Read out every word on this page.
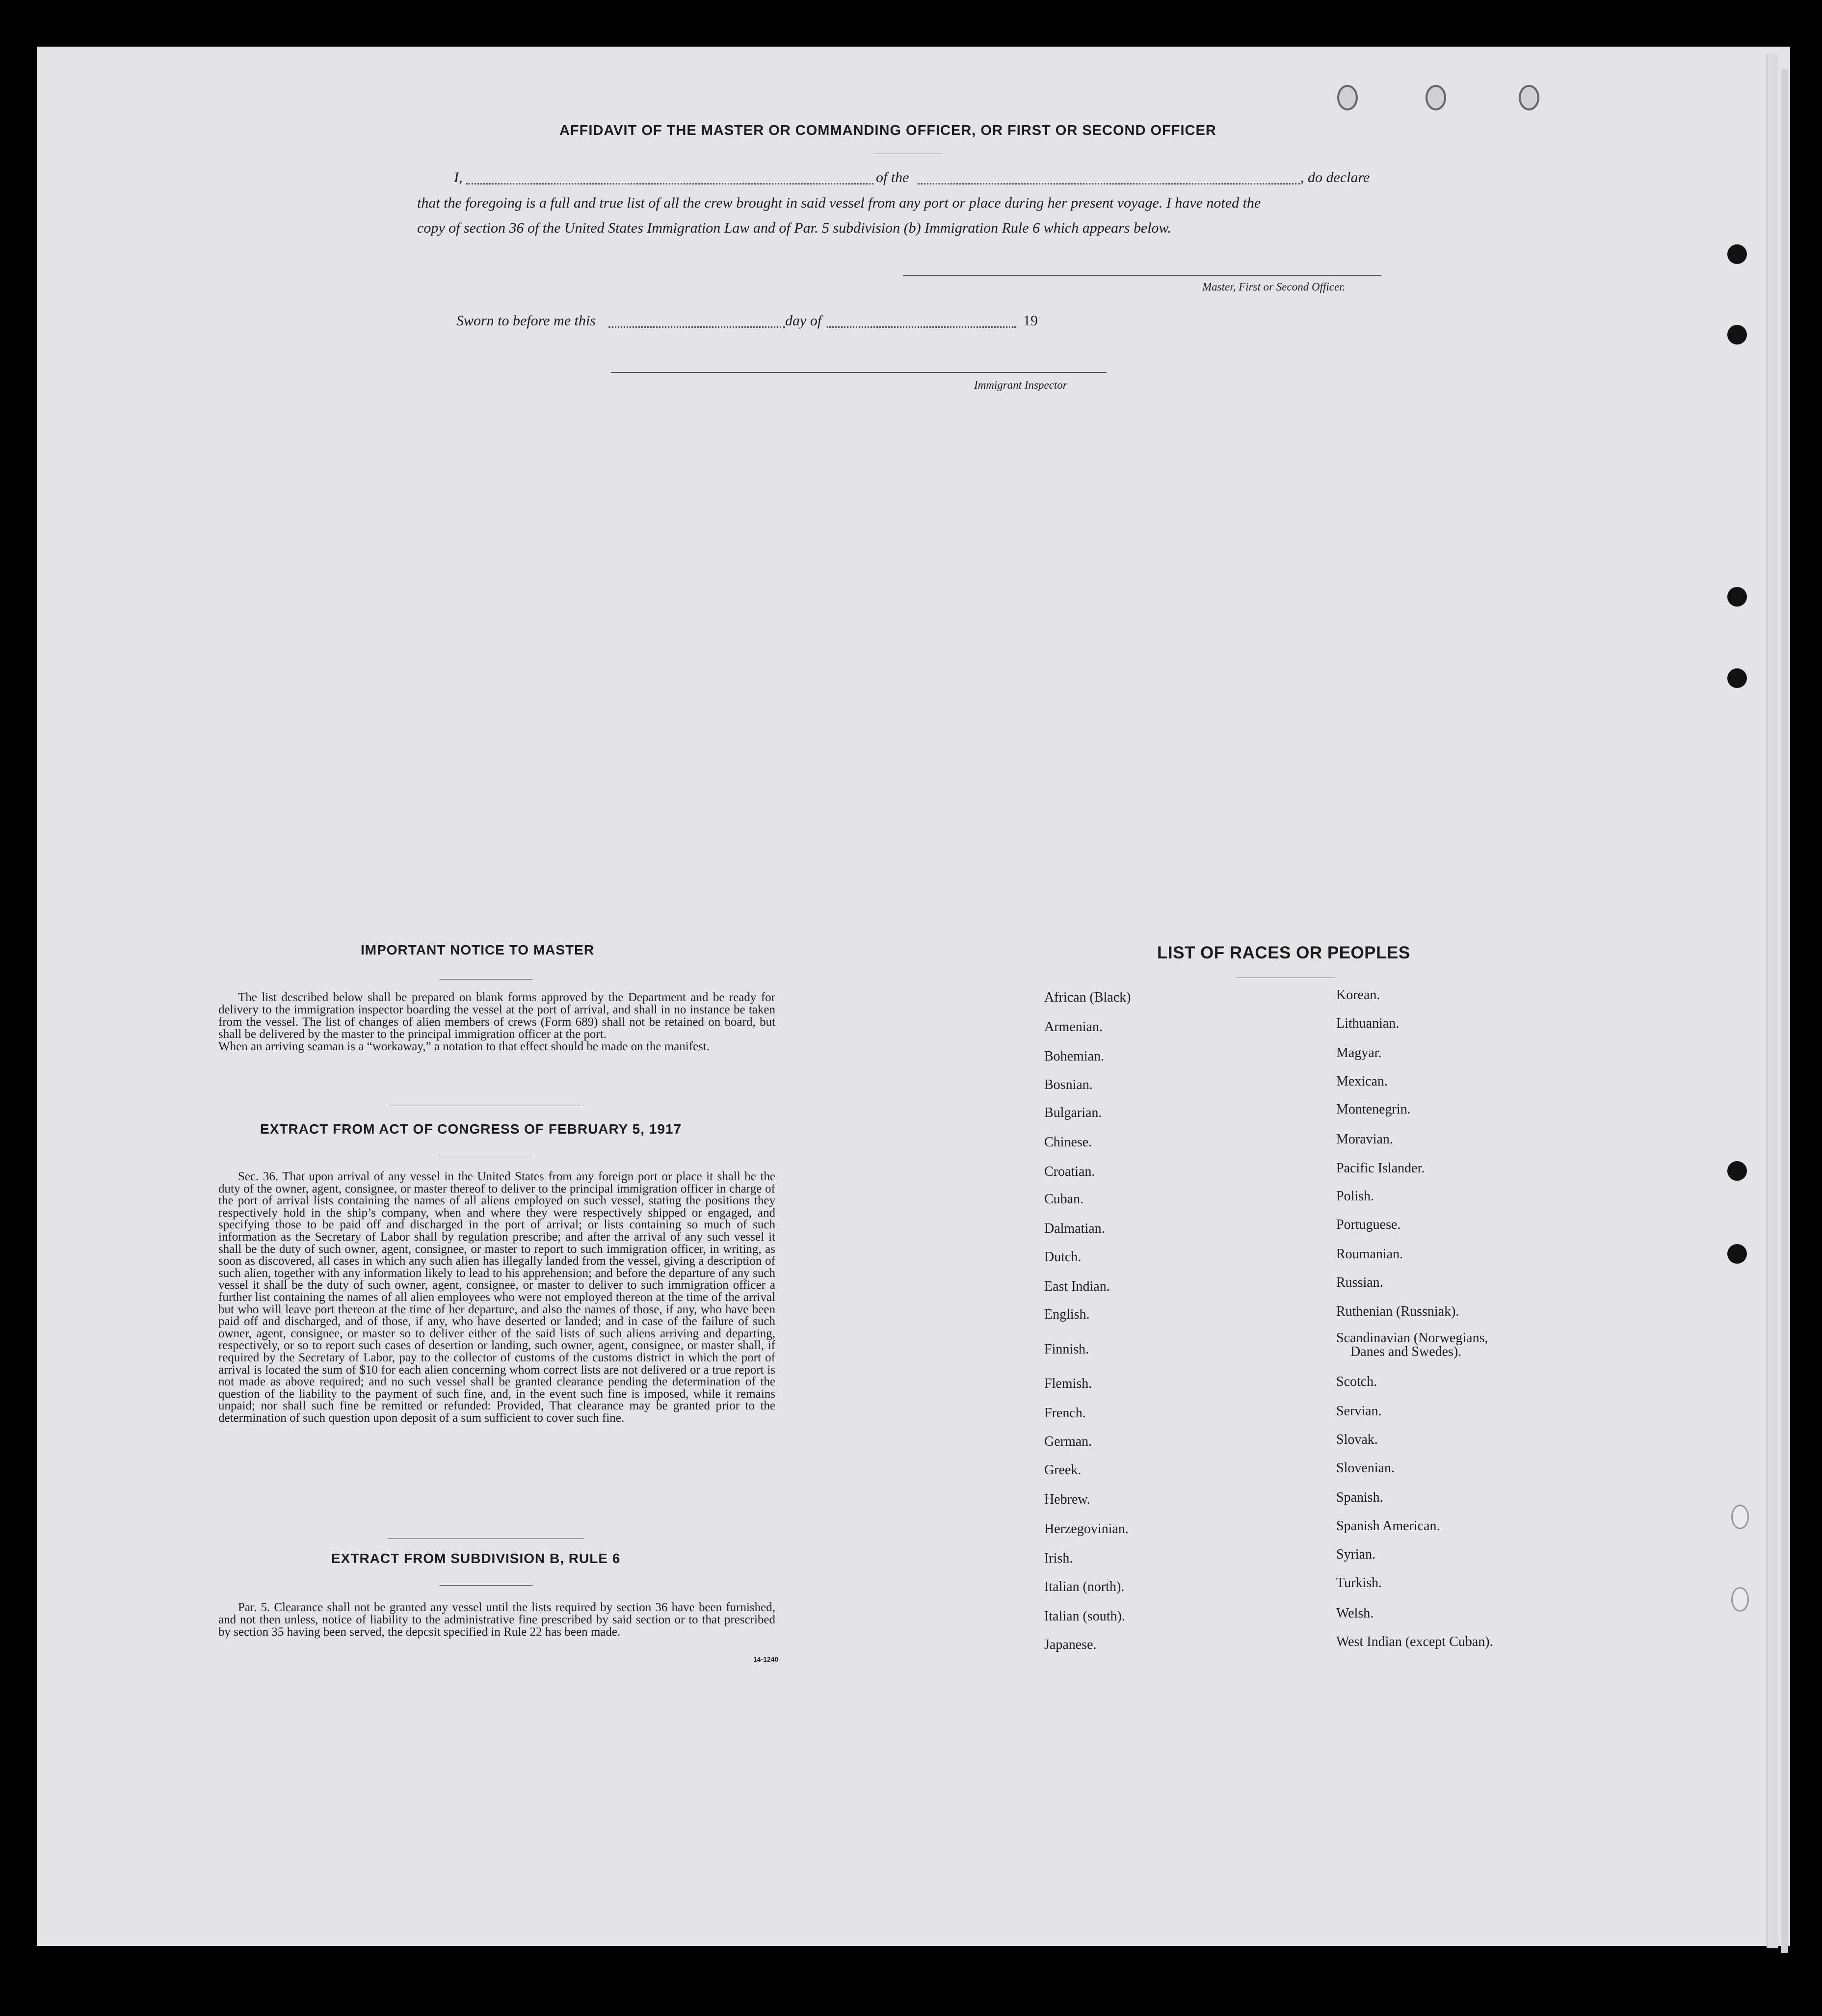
AFFIDAVIT OF THE MASTER OR COMMANDING OFFICER, OR FIRST OR SECOND OFFICER
I,	of the	, do declare
that the foregoing is a full and true list of all the crew brought in said vessel from any port or place during her present voyage. I have noted the
copy of section 36 of the United States Immigration Law and of Par. 5 subdivision (b) Immigration Rule 6 which appears below.
Master, First or Second Officer.
Sworn to before me this	day of	19
Immigrant Inspector
IMPORTANT NOTICE TO MASTER
The list described below shall be prepared on blank forms approved by the Department and be ready for delivery to the immigration inspector boarding the vessel at the port of arrival, and shall in no instance be taken from the vessel. The list of changes of alien members of crews (Form 689) shall not be retained on board, but shall be delivered by the master to the principal immigration officer at the port.
When an arriving seaman is a “workaway,” a notation to that effect should be made on the manifest.
EXTRACT FROM ACT OF CONGRESS OF FEBRUARY 5, 1917
Sec. 36. That upon arrival of any vessel in the United States from any foreign port or place it shall be the duty of the owner, agent, consignee, or master thereof to deliver to the principal immigration officer in charge of the port of arrival lists containing the names of all aliens employed on such vessel, stating the positions they respectively hold in the ship’s company, when and where they were respectively shipped or engaged, and specifying those to be paid off and discharged in the port of arrival; or lists containing so much of such information as the Secretary of Labor shall by regulation prescribe; and after the arrival of any such vessel it shall be the duty of such owner, agent, consignee, or master to report to such immigration officer, in writing, as soon as discovered, all cases in which any such alien has illegally landed from the vessel, giving a description of such alien, together with any information likely to lead to his apprehension; and before the departure of any such vessel it shall be the duty of such owner, agent, consignee, or master to deliver to such immigration officer a further list containing the names of all alien employees who were not employed thereon at the time of the arrival but who will leave port thereon at the time of her departure, and also the names of those, if any, who have been paid off and discharged, and of those, if any, who have deserted or landed; and in case of the failure of such owner, agent, consignee, or master so to deliver either of the said lists of such aliens arriving and departing, respectively, or so to report such cases of desertion or landing, such owner, agent, consignee, or master shall, if required by the Secretary of Labor, pay to the collector of customs of the customs district in which the port of arrival is located the sum of $10 for each alien concerning whom correct lists are not delivered or a true report is not made as above required; and no such vessel shall be granted clearance pending the determination of the question of the liability to the payment of such fine, and, in the event such fine is imposed, while it remains unpaid; nor shall such fine be remitted or refunded: Provided, That clearance may be granted prior to the determination of such question upon deposit of a sum sufficient to cover such fine.
EXTRACT FROM SUBDIVISION B, RULE 6
Par. 5. Clearance shall not be granted any vessel until the lists required by section 36 have been furnished, and not then unless, notice of liability to the administrative fine prescribed by said section or to that prescribed by section 35 having been served, the depcsit specified in Rule 22 has been made.
14-1240
LIST OF RACES OR PEOPLES
African (Black)
Armenian.
Bohemian.
Bosnian.
Bulgarian.
Chinese.
Croatian.
Cuban.
Dalmatian.
Dutch.
East Indian.
English.
Finnish.
Flemish.
French.
German.
Greek.
Hebrew.
Herzegovinian.
Irish.
Italian (north).
Italian (south).
Japanese.
Korean.
Lithuanian.
Magyar.
Mexican.
Montenegrin.
Moravian.
Pacific Islander.
Polish.
Portuguese.
Roumanian.
Russian.
Ruthenian (Russniak).
Scandinavian (Norwegians,
Danes and Swedes).
Scotch.
Servian.
Slovak.
Slovenian.
Spanish.
Spanish American.
Syrian.
Turkish.
Welsh.
West Indian (except Cuban).
